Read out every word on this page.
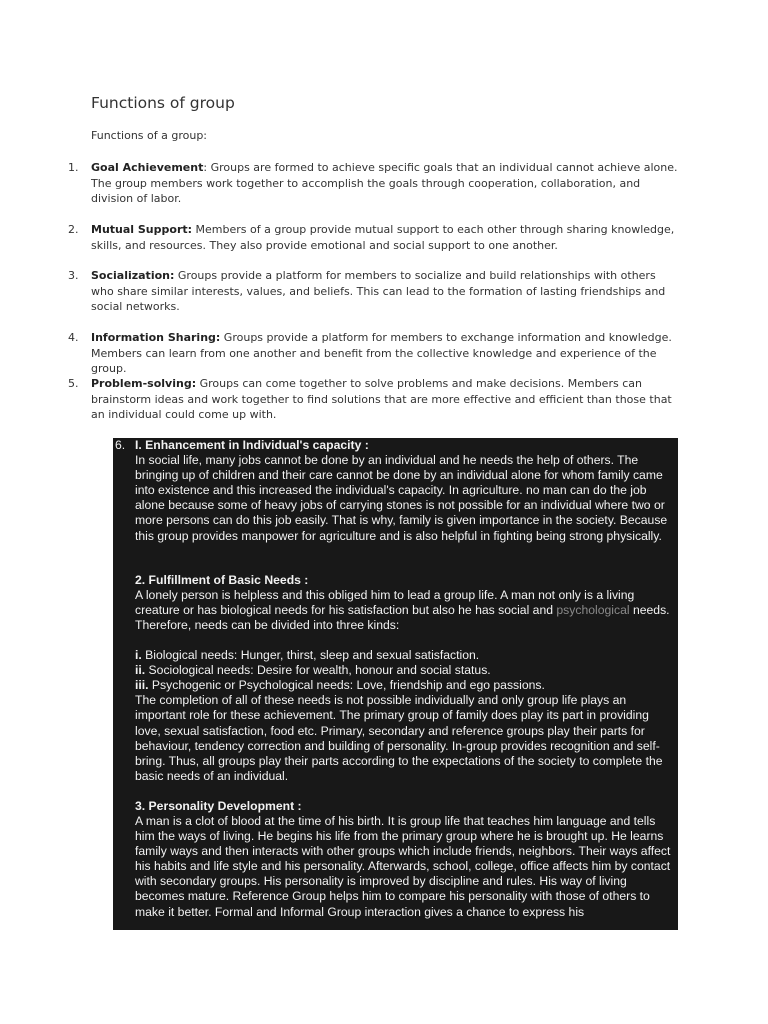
Functions of group

Functions of a group:

1. Goal Achievement: Groups are formed to achieve specific goals that an individual cannot achieve alone. The group members work together to accomplish the goals through cooperation, collaboration, and division of labor.

2. Mutual Support: Members of a group provide mutual support to each other through sharing knowledge, skills, and resources. They also provide emotional and social support to one another.

3. Socialization: Groups provide a platform for members to socialize and build relationships with others who share similar interests, values, and beliefs. This can lead to the formation of lasting friendships and social networks.

4. Information Sharing: Groups provide a platform for members to exchange information and knowledge. Members can learn from one another and benefit from the collective knowledge and experience of the group.

5. Problem-solving: Groups can come together to solve problems and make decisions. Members can brainstorm ideas and work together to find solutions that are more effective and efficient than those that an individual could come up with.

6. I. Enhancement in Individual's capacity :

In social life, many jobs cannot be done by an individual and he needs the help of others. The bringing up of children and their care cannot be done by an individual alone for whom family came into existence and this increased the individual's capacity. In agriculture. no man can do the job alone because some of heavy jobs of carrying stones is not possible for an individual where two or more persons can do this job easily. That is why, family is given importance in the society. Because this group provides manpower for agriculture and is also helpful in fighting being strong physically.

2. Fulfillment of Basic Needs :

A lonely person is helpless and this obliged him to lead a group life. A man not only is a living creature or has biological needs for his satisfaction but also he has social and psychological needs. Therefore, needs can be divided into three kinds:

i. Biological needs: Hunger, thirst, sleep and sexual satisfaction.

ii. Sociological needs: Desire for wealth, honour and social status.

iii. Psychogenic or Psychological needs: Love, friendship and ego passions.

The completion of all of these needs is not possible individually and only group life plays an important role for these achievement. The primary group of family does play its part in providing love, sexual satisfaction, food etc. Primary, secondary and reference groups play their parts for behaviour, tendency correction and building of personality. In-group provides recognition and self-bring. Thus, all groups play their parts according to the expectations of the society to complete the basic needs of an individual.

3. Personality Development :

A man is a clot of blood at the time of his birth. It is group life that teaches him language and tells him the ways of living. He begins his life from the primary group where he is brought up. He learns family ways and then interacts with other groups which include friends, neighbors. Their ways affect his habits and life style and his personality. Afterwards, school, college, office affects him by contact with secondary groups. His personality is improved by discipline and rules. His way of living becomes mature. Reference Group helps him to compare his personality with those of others to make it better. Formal and Informal Group interaction gives a chance to express his
